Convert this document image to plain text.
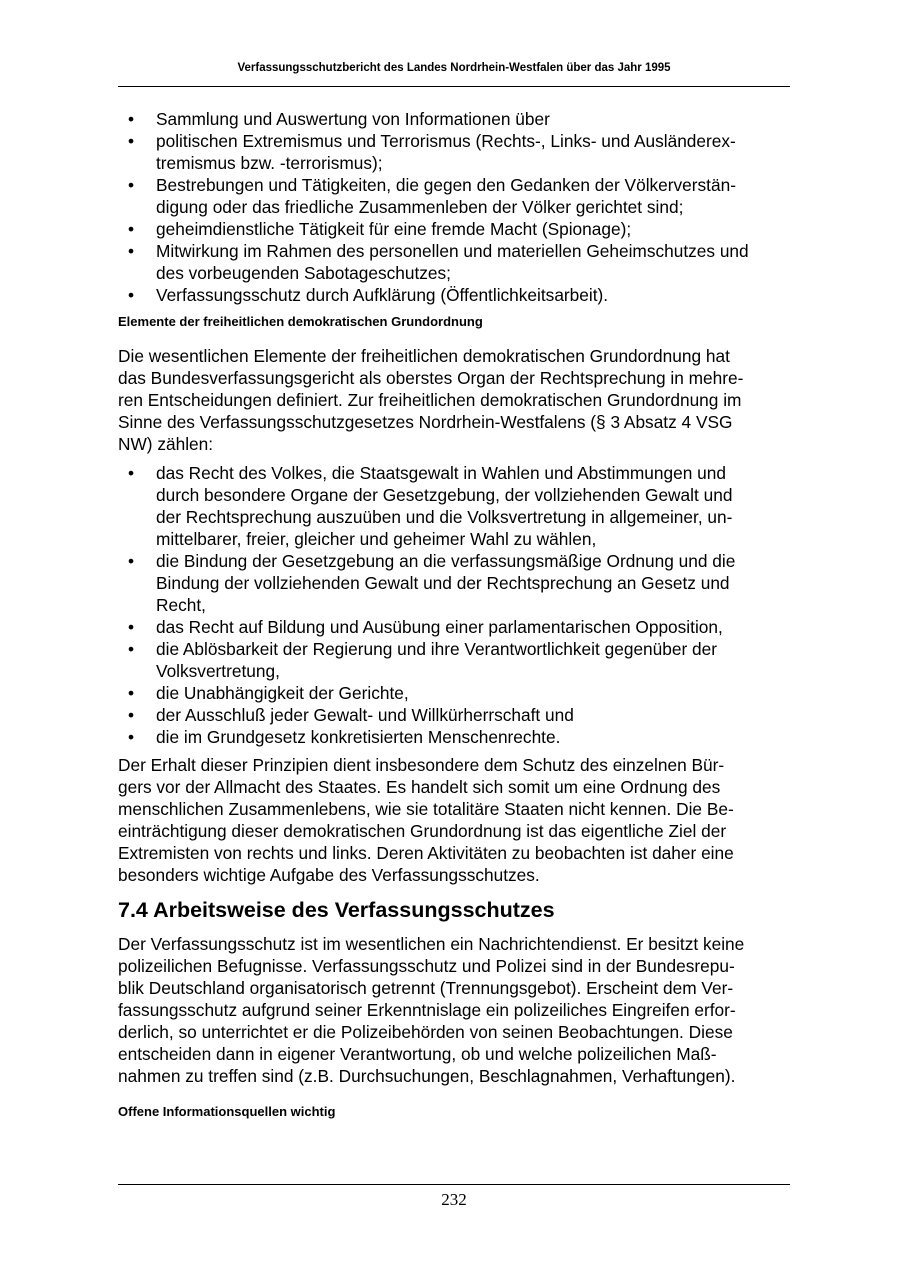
Verfassungsschutzbericht des Landes Nordrhein-Westfalen über das Jahr 1995
• Sammlung und Auswertung von Informationen über
• politischen Extremismus und Terrorismus (Rechts-, Links- und Ausländerex-
tremismus bzw. -terrorismus);
• Bestrebungen und Tätigkeiten, die gegen den Gedanken der Völkerverstän-
digung oder das friedliche Zusammenleben der Völker gerichtet sind;
• geheimdienstliche Tätigkeit für eine fremde Macht (Spionage);
• Mitwirkung im Rahmen des personellen und materiellen Geheimschutzes und
des vorbeugenden Sabotageschutzes;
• Verfassungsschutz durch Aufklärung (Öffentlichkeitsarbeit).
Elemente der freiheitlichen demokratischen Grundordnung

Die wesentlichen Elemente der freiheitlichen demokratischen Grundordnung hat
das Bundesverfassungsgericht als oberstes Organ der Rechtsprechung in mehre-
ren Entscheidungen definiert. Zur freiheitlichen demokratischen Grundordnung im
Sinne des Verfassungsschutzgesetzes Nordrhein-Westfalens (§ 3 Absatz 4 VSG
NW) zählen:

• das Recht des Volkes, die Staatsgewalt in Wahlen und Abstimmungen und
durch besondere Organe der Gesetzgebung, der vollziehenden Gewalt und
der Rechtsprechung auszuüben und die Volksvertretung in allgemeiner, un-
mittelbarer, freier, gleicher und geheimer Wahl zu wählen,
• die Bindung der Gesetzgebung an die verfassungsmäßige Ordnung und die
Bindung der vollziehenden Gewalt und der Rechtsprechung an Gesetz und
Recht,
• das Recht auf Bildung und Ausübung einer parlamentarischen Opposition,
• die Ablösbarkeit der Regierung und ihre Verantwortlichkeit gegenüber der
Volksvertretung,
• die Unabhängigkeit der Gerichte,
• der Ausschluß jeder Gewalt- und Willkürherrschaft und
• die im Grundgesetz konkretisierten Menschenrechte.

Der Erhalt dieser Prinzipien dient insbesondere dem Schutz des einzelnen Bür-
gers vor der Allmacht des Staates. Es handelt sich somit um eine Ordnung des
menschlichen Zusammenlebens, wie sie totalitäre Staaten nicht kennen. Die Be-
einträchtigung dieser demokratischen Grundordnung ist das eigentliche Ziel der
Extremisten von rechts und links. Deren Aktivitäten zu beobachten ist daher eine
besonders wichtige Aufgabe des Verfassungsschutzes.

7.4 Arbeitsweise des Verfassungsschutzes

Der Verfassungsschutz ist im wesentlichen ein Nachrichtendienst. Er besitzt keine
polizeilichen Befugnisse. Verfassungsschutz und Polizei sind in der Bundesrepu-
blik Deutschland organisatorisch getrennt (Trennungsgebot). Erscheint dem Ver-
fassungsschutz aufgrund seiner Erkenntnislage ein polizeiliches Eingreifen erfor-
derlich, so unterrichtet er die Polizeibehörden von seinen Beobachtungen. Diese
entscheiden dann in eigener Verantwortung, ob und welche polizeilichen Maß-
nahmen zu treffen sind (z.B. Durchsuchungen, Beschlagnahmen, Verhaftungen).

Offene Informationsquellen wichtig
232
